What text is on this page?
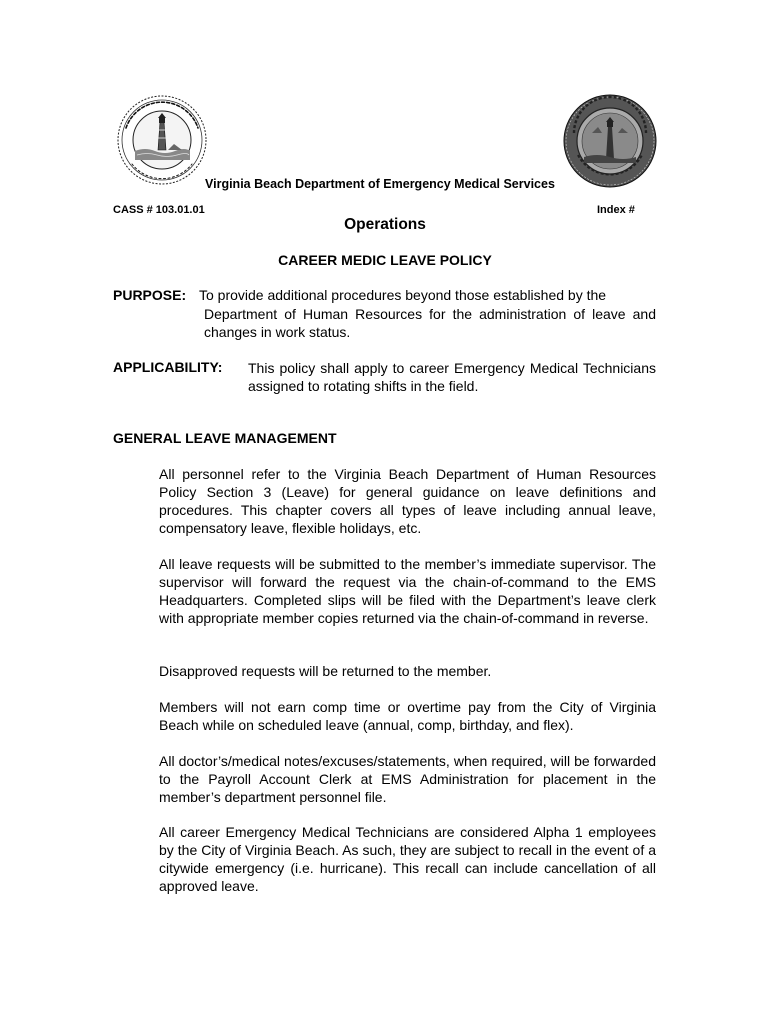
Virginia Beach Department of Emergency Medical Services
CASS # 103.01.01	Index #
Operations
CAREER MEDIC LEAVE POLICY
PURPOSE: To provide additional procedures beyond those established by the
Department of Human Resources for the administration of leave and changes in work status.
APPLICABILITY: This policy shall apply to career Emergency Medical Technicians assigned to rotating shifts in the field.
GENERAL LEAVE MANAGEMENT
All personnel refer to the Virginia Beach Department of Human Resources Policy Section 3 (Leave) for general guidance on leave definitions and procedures. This chapter covers all types of leave including annual leave, compensatory leave, flexible holidays, etc.
All leave requests will be submitted to the member’s immediate supervisor. The supervisor will forward the request via the chain-of-command to the EMS Headquarters. Completed slips will be filed with the Department’s leave clerk with appropriate member copies returned via the chain-of-command in reverse.
Disapproved requests will be returned to the member.
Members will not earn comp time or overtime pay from the City of Virginia Beach while on scheduled leave (annual, comp, birthday, and flex).
All doctor’s/medical notes/excuses/statements, when required, will be forwarded to the Payroll Account Clerk at EMS Administration for placement in the member’s department personnel file.
All career Emergency Medical Technicians are considered Alpha 1 employees by the City of Virginia Beach. As such, they are subject to recall in the event of a citywide emergency (i.e. hurricane). This recall can include cancellation of all approved leave.
